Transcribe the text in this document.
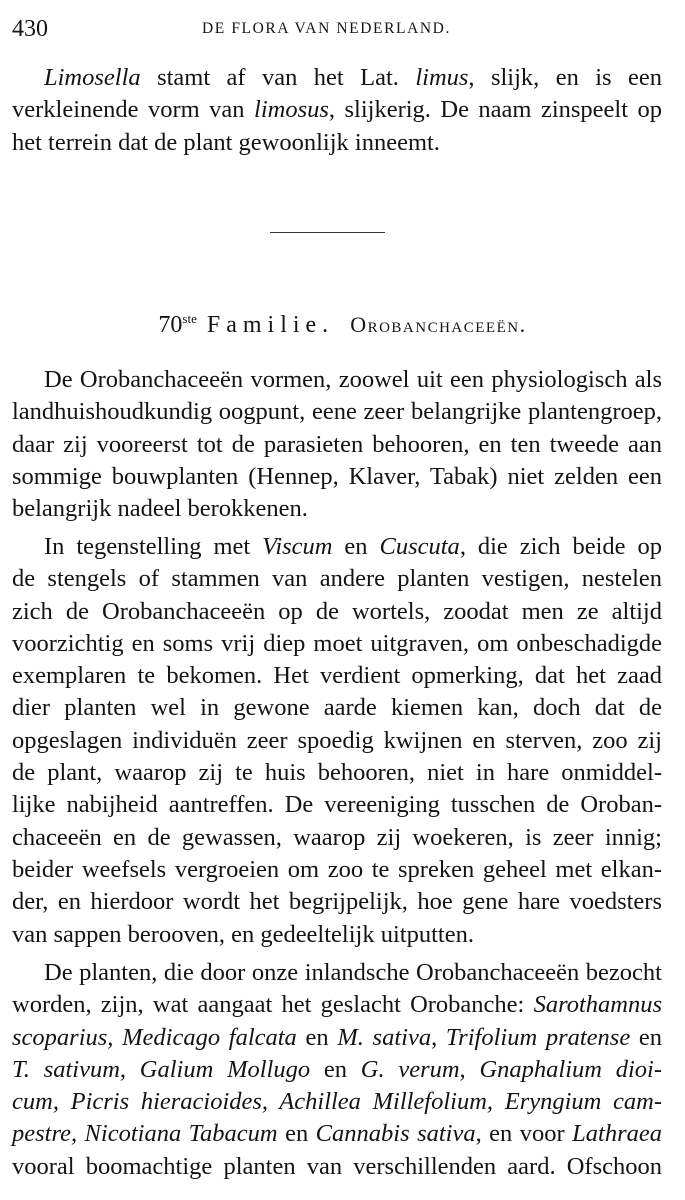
430	DE FLORA VAN NEDERLAND.
Limosella stamt af van het Lat. limus, slijk, en is een
verkleinende vorm van limosus, slijkerig. De naam zinspeelt op
het terrein dat de plant gewoonlijk inneemt.
70ste Familie. Orobanchaceeën.
De Orobanchaceeën vormen, zoowel uit een physiologisch als
landhuishoudkundig oogpunt, eene zeer belangrijke plantengroep,
daar zij vooreerst tot de parasieten behooren, en ten tweede aan
sommige bouwplanten (Hennep, Klaver, Tabak) niet zelden een
belangrijk nadeel berokkenen.
In tegenstelling met Viscum en Cuscuta, die zich beide op
de stengels of stammen van andere planten vestigen, nestelen
zich de Orobanchaceeën op de wortels, zoodat men ze altijd
voorzichtig en soms vrij diep moet uitgraven, om onbeschadigde
exemplaren te bekomen. Het verdient opmerking, dat het zaad
dier planten wel in gewone aarde kiemen kan, doch dat de
opgeslagen individuën zeer spoedig kwijnen en sterven, zoo zij
de plant, waarop zij te huis behooren, niet in hare onmiddel-
lijke nabijheid aantreffen. De vereeniging tusschen de Oroban-
chaceeën en de gewassen, waarop zij woekeren, is zeer innig;
beider weefsels vergroeien om zoo te spreken geheel met elkan-
der, en hierdoor wordt het begrijpelijk, hoe gene hare voedsters
van sappen berooven, en gedeeltelijk uitputten.
De planten, die door onze inlandsche Orobanchaceeën bezocht
worden, zijn, wat aangaat het geslacht Orobanche: Sarothamnus
scoparius, Medicago falcata en M. sativa, Trifolium pratense en
T. sativum, Galium Mollugo en G. verum, Gnaphalium dioi-
cum, Picris hieracioides, Achillea Millefolium, Eryngium cam-
pestre, Nicotiana Tabacum en Cannabis sativa, en voor Lathraea
vooral boomachtige planten van verschillenden aard. Ofschoon
